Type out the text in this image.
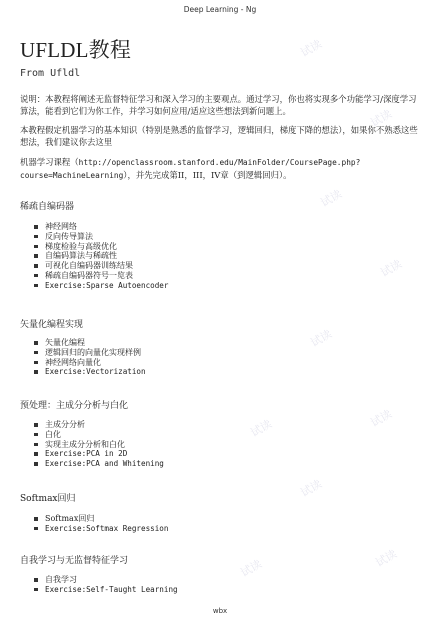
试读
试读
试读
试读
试读
试读
试读
试读
试读
试读
Deep Learning - Ng
UFLDL教程
From Ufldl

说明：本教程将阐述无监督特征学习和深入学习的主要观点。通过学习，你也将实现多个功能学习/深度学习算法，能看到它们为你工作，并学习如何应用/适应这些想法到新问题上。

本教程假定机器学习的基本知识（特别是熟悉的监督学习，逻辑回归，梯度下降的想法），如果你不熟悉这些想法，我们建议你去这里

机器学习课程（http://openclassroom.stanford.edu/MainFolder/CoursePage.php?course=MachineLearning），并先完成第II，III，IV章（到逻辑回归）。

稀疏自编码器
神经网络
反向传导算法
梯度检验与高级优化
自编码算法与稀疏性
可视化自编码器训练结果
稀疏自编码器符号一览表
Exercise:Sparse Autoencoder
矢量化编程实现
矢量化编程
逻辑回归的向量化实现样例
神经网络向量化
Exercise:Vectorization
预处理：主成分分析与白化
主成分分析
白化
实现主成分分析和白化
Exercise:PCA in 2D
Exercise:PCA and Whitening
Softmax回归
Softmax回归
Exercise:Softmax Regression
自我学习与无监督特征学习
自我学习
Exercise:Self-Taught Learning
wbx
